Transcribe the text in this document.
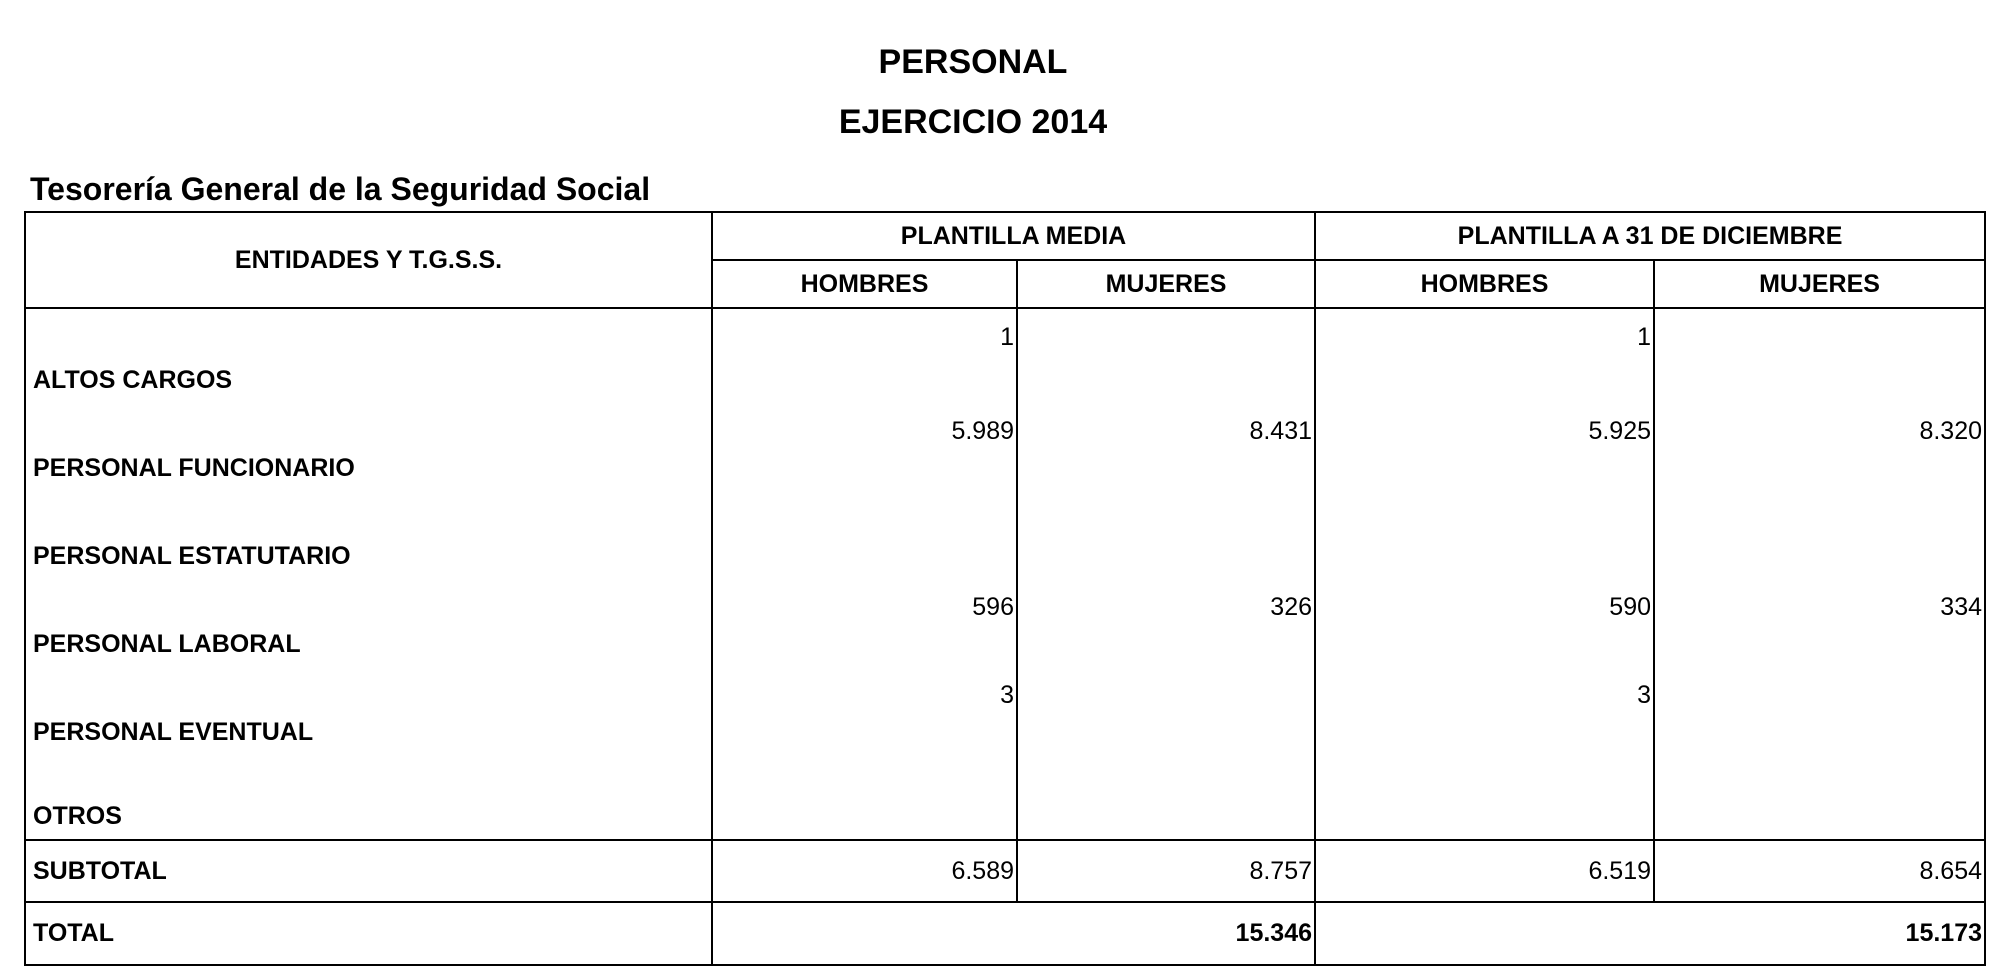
PERSONAL
EJERCICIO 2014
Tesorería General de la Seguridad Social
ENTIDADES Y T.G.S.S.	PLANTILLA MEDIA		PLANTILLA A 31 DE DICIEMBRE	
	HOMBRES	MUJERES	HOMBRES	MUJERES
ALTOS CARGOS	1		1	
PERSONAL FUNCIONARIO	5.989	8.431	5.925	8.320
PERSONAL ESTATUTARIO				
PERSONAL LABORAL	596	326	590	334
PERSONAL EVENTUAL	3		3	
OTROS				
SUBTOTAL	6.589	8.757	6.519	8.654
TOTAL	15.346		15.173	
